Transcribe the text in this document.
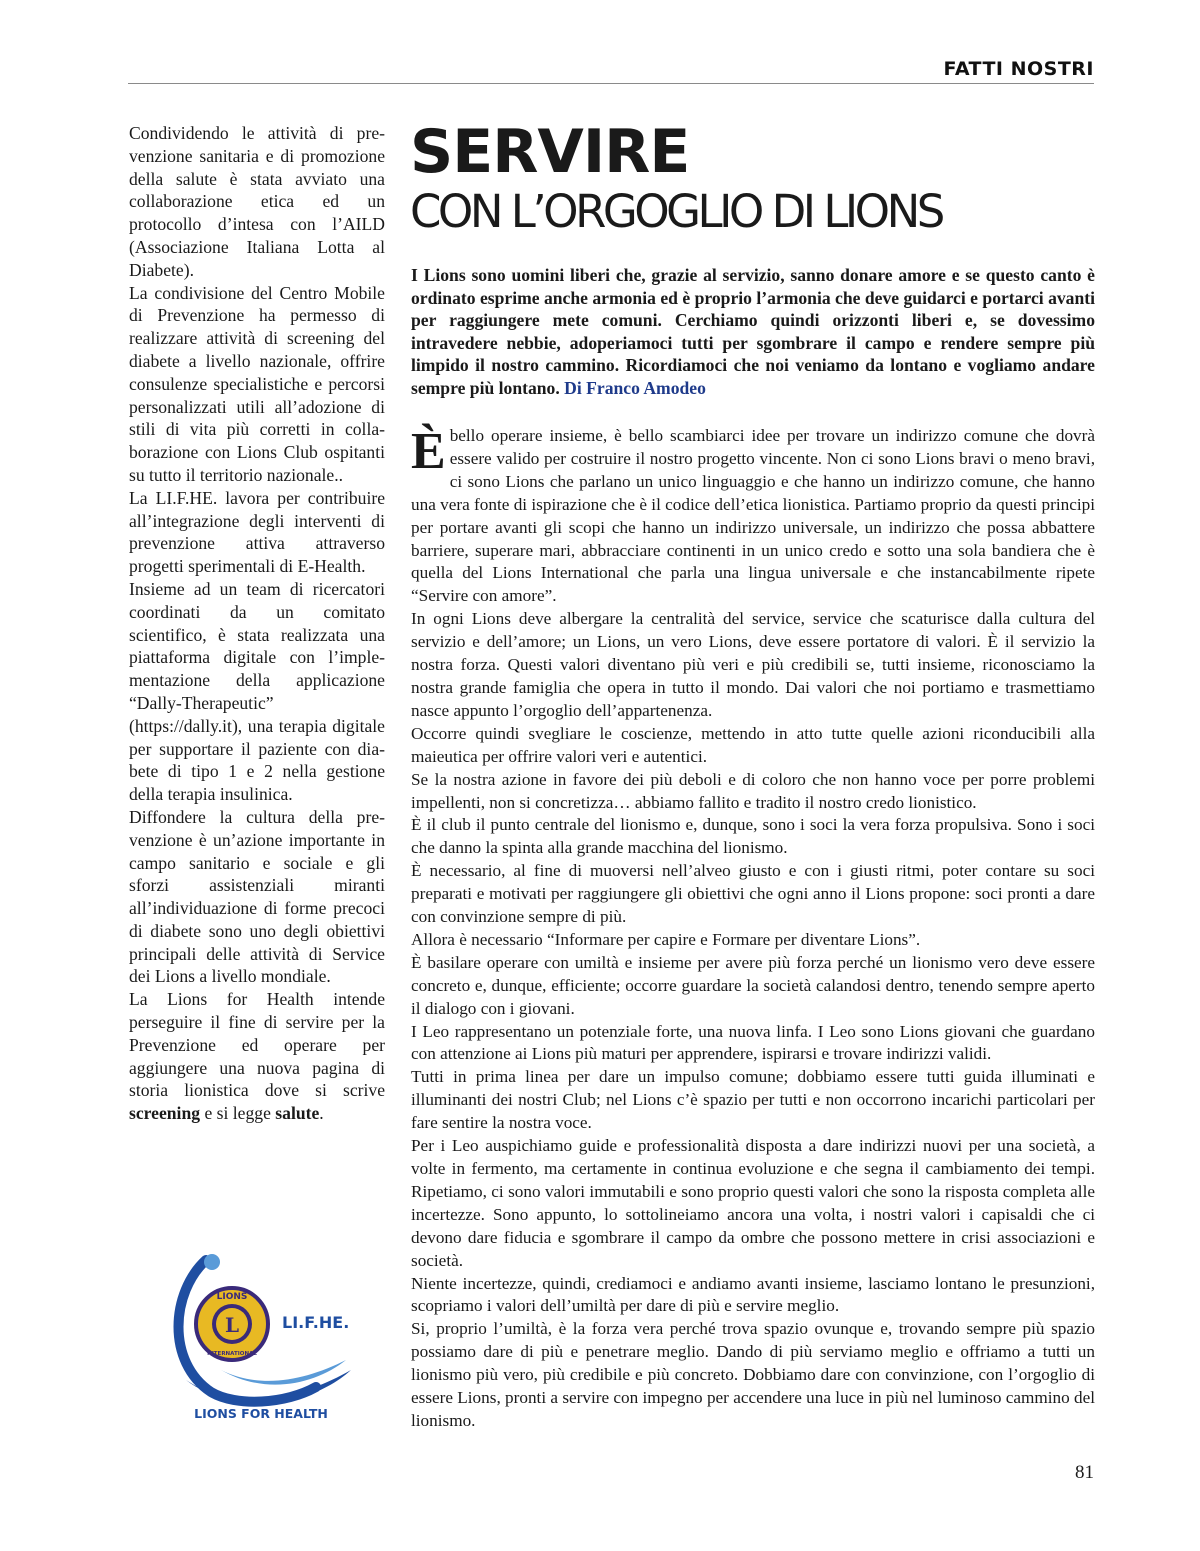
FATTI NOSTRI

Condividendo le attività di prevenzione sanitaria e di promozione della salute è stata avviato una collaborazione etica ed un protocollo d’intesa con l’AILD (Associazione Italiana Lotta al Diabete).

La condivisione del Centro Mobile di Prevenzione ha permesso di realizzare attività di screening del diabete a livello nazionale, offrire consulenze specialistiche e percorsi personalizzati utili all’adozione di stili di vita più corretti in collaborazione con Lions Club ospitanti su tutto il territorio nazionale..

La LI.F.HE. lavora per contribuire all’integrazione degli interventi di prevenzione attiva attraverso progetti sperimentali di E-Health.

Insieme ad un team di ricercatori coordinati da un comitato scientifico, è stata realizzata una piattaforma digitale con l’implementazione della applicazione “Dally-Therapeutic” (https://dally.it), una terapia digitale per supportare il paziente con diabete di tipo 1 e 2 nella gestione della terapia insulinica.

Diffondere la cultura della prevenzione è un’azione importante in campo sanitario e sociale e gli sforzi assistenziali miranti all’individuazione di forme precoci di diabete sono uno degli obiettivi principali delle attività di Service dei Lions a livello mondiale.

La Lions for Health intende perseguire il fine di servire per la Prevenzione ed operare per aggiungere una nuova pagina di storia lionistica dove si scrive screening e si legge salute.

L
LIONS
INTERNATIONAL
LI.F.HE.
LIONS FOR HEALTH
SERVIRE
CON L’ORGOGLIO DI LIONS

I Lions sono uomini liberi che, grazie al servizio, sanno donare amore e se questo canto è ordinato esprime anche armonia ed è proprio l’armonia che deve guidarci e portarci avanti per raggiungere mete comuni. Cerchiamo quindi orizzonti liberi e, se dovessimo intravedere nebbie, adoperiamoci tutti per sgombrare il campo e rendere sempre più limpido il nostro cammino. Ricordiamoci che noi veniamo da lontano e vogliamo andare sempre più lontano. Di Franco Amodeo

Èbello operare insieme, è bello scambiarci idee per trovare un indirizzo comune che dovrà essere valido per costruire il nostro progetto vincente. Non ci sono Lions bravi o meno bravi, ci sono Lions che parlano un unico linguaggio e che hanno un indirizzo comune, che hanno una vera fonte di ispirazione che è il codice dell’etica lionistica. Partiamo proprio da questi principi per portare avanti gli scopi che hanno un indirizzo universale, un indirizzo che possa abbattere barriere, superare mari, abbracciare continenti in un unico credo e sotto una sola bandiera che è quella del Lions International che parla una lingua universale e che instancabilmente ripete “Servire con amore”.

In ogni Lions deve albergare la centralità del service, service che scaturisce dalla cultura del servizio e dell’amore; un Lions, un vero Lions, deve essere portatore di valori. È il servizio la nostra forza. Questi valori diventano più veri e più credibili se, tutti insieme, riconosciamo la nostra grande famiglia che opera in tutto il mondo. Dai valori che noi portiamo e trasmettiamo nasce appunto l’orgoglio dell’appartenenza.

Occorre quindi svegliare le coscienze, mettendo in atto tutte quelle azioni riconducibili alla maieutica per offrire valori veri e autentici.

Se la nostra azione in favore dei più deboli e di coloro che non hanno voce per porre problemi impellenti, non si concretizza… abbiamo fallito e tradito il nostro credo lionistico.

È il club il punto centrale del lionismo e, dunque, sono i soci la vera forza propulsiva. Sono i soci che danno la spinta alla grande macchina del lionismo.

È necessario, al fine di muoversi nell’alveo giusto e con i giusti ritmi, poter contare su soci preparati e motivati per raggiungere gli obiettivi che ogni anno il Lions propone: soci pronti a dare con convinzione sempre di più.

Allora è necessario “Informare per capire e Formare per diventare Lions”.

È basilare operare con umiltà e insieme per avere più forza perché un lionismo vero deve essere concreto e, dunque, efficiente; occorre guardare la società calandosi dentro, tenendo sempre aperto il dialogo con i giovani.

I Leo rappresentano un potenziale forte, una nuova linfa. I Leo sono Lions giovani che guardano con attenzione ai Lions più maturi per apprendere, ispirarsi e trovare indirizzi validi.

Tutti in prima linea per dare un impulso comune; dobbiamo essere tutti guida illuminati e illuminanti dei nostri Club; nel Lions c’è spazio per tutti e non occorrono incarichi particolari per fare sentire la nostra voce.

Per i Leo auspichiamo guide e professionalità disposta a dare indirizzi nuovi per una società, a volte in fermento, ma certamente in continua evoluzione e che segna il cambiamento dei tempi. Ripetiamo, ci sono valori immutabili e sono proprio questi valori che sono la risposta completa alle incertezze. Sono appunto, lo sottolineiamo ancora una volta, i nostri valori i capisaldi che ci devono dare fiducia e sgombrare il campo da ombre che possono mettere in crisi associazioni e società.

Niente incertezze, quindi, crediamoci e andiamo avanti insieme, lasciamo lontano le presunzioni, scopriamo i valori dell’umiltà per dare di più e servire meglio.

Si, proprio l’umiltà, è la forza vera perché trova spazio ovunque e, trovando sempre più spazio possiamo dare di più e penetrare meglio. Dando di più serviamo meglio e offriamo a tutti un lionismo più vero, più credibile e più concreto. Dobbiamo dare con convinzione, con l’orgoglio di essere Lions, pronti a servire con impegno per accendere una luce in più nel luminoso cammino del lionismo.

81
